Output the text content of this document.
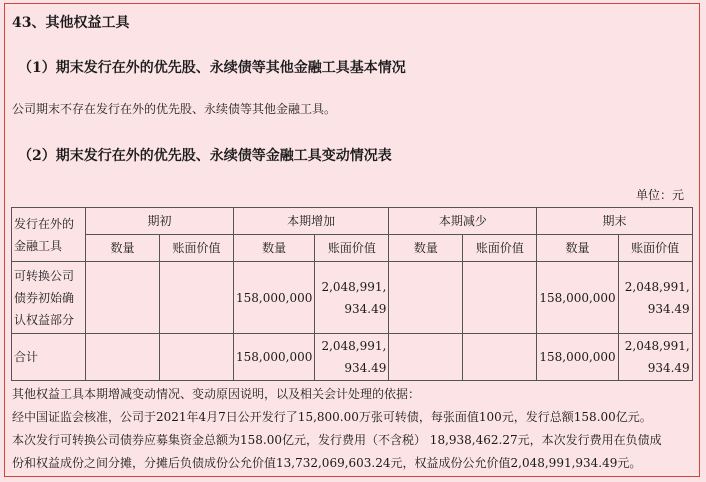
43、其他权益工具
（1）期末发行在外的优先股、永续债等其他金融工具基本情况
公司期末不存在发行在外的优先股、永续债等其他金融工具。
（2）期末发行在外的优先股、永续债等金融工具变动情况表
单位：元
发行在外的金融工具	期初		本期增加		本期减少		期末	
	数量	账面价值	数量	账面价值	数量	账面价值	数量	账面价值
可转换公司债券初始确认权益部分			158,000,000	2,048,991,934.49			158,000,000	2,048,991,934.49
合计			158,000,000	2,048,991,934.49			158,000,000	2,048,991,934.49
其他权益工具本期增减变动情况、变动原因说明，以及相关会计处理的依据：
经中国证监会核准，公司于2021年4月7日公开发行了15,800.00万张可转债，每张面值100元，发行总额158.00亿元。
本次发行可转换公司债券应募集资金总额为158.00亿元，发行费用（不含税） 18,938,462.27元，本次发行费用在负债成
份和权益成份之间分摊，分摊后负债成份公允价值13,732,069,603.24元，权益成份公允价值2,048,991,934.49元。
